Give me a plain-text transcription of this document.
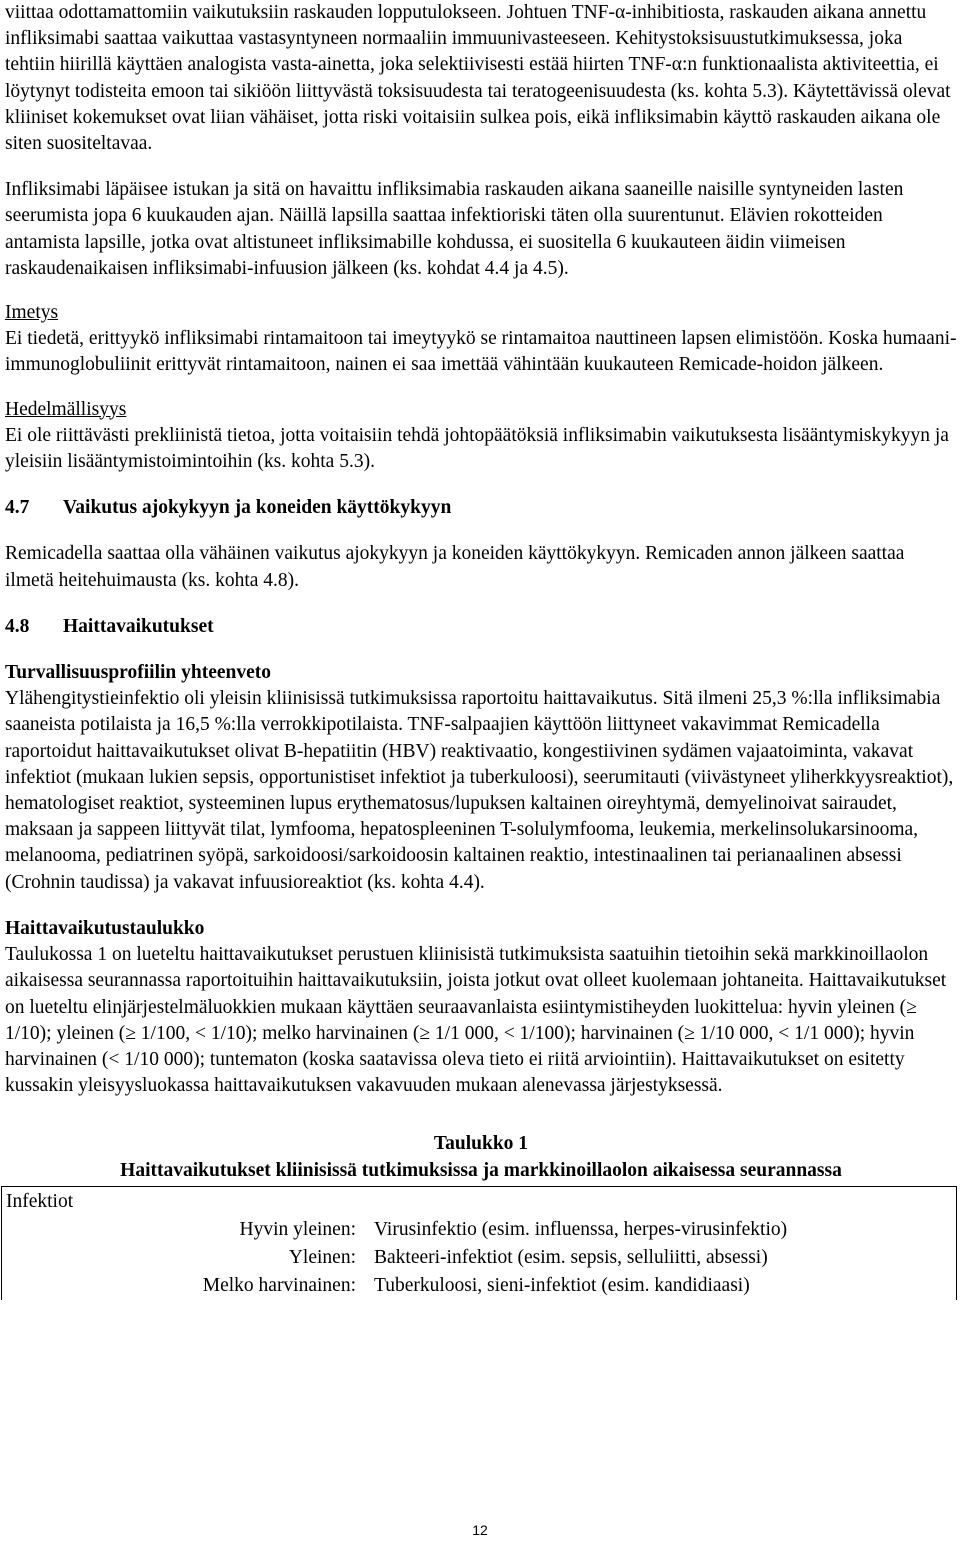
viittaa odottamattomiin vaikutuksiin raskauden lopputulokseen. Johtuen TNF-α-inhibitiosta, raskauden aikana annettu infliksimabi saattaa vaikuttaa vastasyntyneen normaaliin immuunivasteeseen. Kehitystoksisuustutkimuksessa, joka tehtiin hiirillä käyttäen analogista vasta-ainetta, joka selektiivisesti estää hiirten TNF-α:n funktionaalista aktiviteettia, ei löytynyt todisteita emoon tai sikiöön liittyvästä toksisuudesta tai teratogeenisuudesta (ks. kohta 5.3). Käytettävissä olevat kliiniset kokemukset ovat liian vähäiset, jotta riski voitaisiin sulkea pois, eikä infliksimabin käyttö raskauden aikana ole siten suositeltavaa.

Infliksimabi läpäisee istukan ja sitä on havaittu infliksimabia raskauden aikana saaneille naisille syntyneiden lasten seerumista jopa 6 kuukauden ajan. Näillä lapsilla saattaa infektioriski täten olla suurentunut. Elävien rokotteiden antamista lapsille, jotka ovat altistuneet infliksimabille kohdussa, ei suositella 6 kuukauteen äidin viimeisen raskaudenaikaisen infliksimabi-infuusion jälkeen (ks. kohdat 4.4 ja 4.5).

Imetys

Ei tiedetä, erittyykö infliksimabi rintamaitoon tai imeytyykö se rintamaitoa nauttineen lapsen elimistöön. Koska humaani-immunoglobuliinit erittyvät rintamaitoon, nainen ei saa imettää vähintään kuukauteen Remicade-hoidon jälkeen.

Hedelmällisyys

Ei ole riittävästi prekliinistä tietoa, jotta voitaisiin tehdä johtopäätöksiä infliksimabin vaikutuksesta lisääntymiskykyyn ja yleisiin lisääntymistoimintoihin (ks. kohta 5.3).

4.7	Vaikutus ajokykyyn ja koneiden käyttökykyyn

Remicadella saattaa olla vähäinen vaikutus ajokykyyn ja koneiden käyttökykyyn. Remicaden annon jälkeen saattaa ilmetä heitehuimausta (ks. kohta 4.8).

4.8	Haittavaikutukset

Turvallisuusprofiilin yhteenveto

Ylähengitystieinfektio oli yleisin kliinisissä tutkimuksissa raportoitu haittavaikutus. Sitä ilmeni 25,3 %:lla infliksimabia saaneista potilaista ja 16,5 %:lla verrokkipotilaista. TNF-salpaajien käyttöön liittyneet vakavimmat Remicadella raportoidut haittavaikutukset olivat B-hepatiitin (HBV) reaktivaatio, kongestiivinen sydämen vajaatoiminta, vakavat infektiot (mukaan lukien sepsis, opportunistiset infektiot ja tuberkuloosi), seerumitauti (viivästyneet yliherkkyysreaktiot), hematologiset reaktiot, systeeminen lupus erythematosus/lupuksen kaltainen oireyhtymä, demyelinoivat sairaudet, maksaan ja sappeen liittyvät tilat, lymfooma, hepatospleeninen T-solulymfooma, leukemia, merkelinsolukarsinooma, melanooma, pediatrinen syöpä, sarkoidoosi/sarkoidoosin kaltainen reaktio, intestinaalinen tai perianaalinen absessi (Crohnin taudissa) ja vakavat infuusioreaktiot (ks. kohta 4.4).

Haittavaikutustaulukko

Taulukossa 1 on lueteltu haittavaikutukset perustuen kliinisistä tutkimuksista saatuihin tietoihin sekä markkinoillaolon aikaisessa seurannassa raportoituihin haittavaikutuksiin, joista jotkut ovat olleet kuolemaan johtaneita. Haittavaikutukset on lueteltu elinjärjestelmäluokkien mukaan käyttäen seuraavanlaista esiintymistiheyden luokittelua: hyvin yleinen (≥ 1/10); yleinen (≥ 1/100, < 1/10); melko harvinainen (≥ 1/1 000, < 1/100); harvinainen (≥ 1/10 000, < 1/1 000); hyvin harvinainen (< 1/10 000); tuntematon (koska saatavissa oleva tieto ei riitä arviointiin). Haittavaikutukset on esitetty kussakin yleisyysluokassa haittavaikutuksen vakavuuden mukaan alenevassa järjestyksessä.

Taulukko 1
Haittavaikutukset kliinisissä tutkimuksissa ja markkinoillaolon aikaisessa seurannassa
Infektiot
Hyvin yleinen: Virusinfektio (esim. influenssa, herpes-virusinfektio)
Yleinen: Bakteeri-infektiot (esim. sepsis, selluliitti, absessi)
Melko harvinainen: Tuberkuloosi, sieni-infektiot (esim. kandidiaasi)
12
